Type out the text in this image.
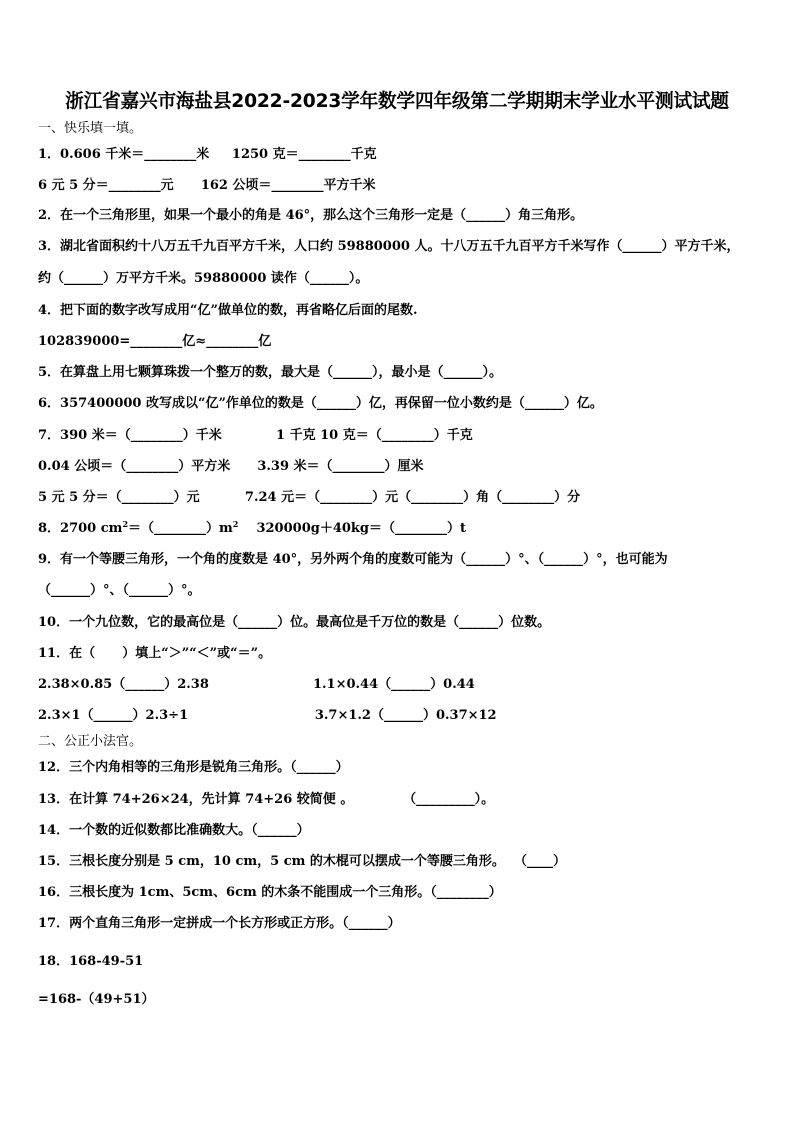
浙江省嘉兴市海盐县2022-2023学年数学四年级第二学期期末学业水平测试试题
一、快乐填一填。
1．0.606 千米＝________米     1250 克＝________千克
6 元 5 分＝________元      162 公顷＝________平方千米
2．在一个三角形里，如果一个最小的角是 46°，那么这个三角形一定是（______）角三角形。
3．湖北省面积约十八万五千九百平方千米，人口约 59880000 人。十八万五千九百平方千米写作（______）平方千米，
约（______）万平方千米。59880000 读作（______）。
4．把下面的数字改写成用“亿”做单位的数，再省略亿后面的尾数.
102839000=________亿≈________亿
5．在算盘上用七颗算珠拨一个整万的数，最大是（______），最小是（______）。
6．357400000 改写成以“亿”作单位的数是（______）亿，再保留一位小数约是（______）亿。
7．390 米＝（________）千米            1 千克 10 克＝（________）千克
0.04 公顷＝（________）平方米      3.39 米＝（________）厘米
5 元 5 分＝（________）元          7.24 元＝（________）元（________）角（________）分
8．2700 $cm^2=(\_\_\_\_\_\_\_\_)m^2$    320000g＋40kg＝（________）t
9．有一个等腰三角形，一个角的度数是 40°，另外两个角的度数可能为（______）°、（______）°，也可能为
（______）°、（______）°。
10．一个九位数，它的最高位是（______）位。最高位是千万位的数是（______）位数。
11．在（      ）填上“＞”“＜”或“＝”。
2.38×0.85（______）2.38                       1.1×0.44（______）0.44
2.3×1（______）2.3÷1                            3.7×1.2（______）0.37×12
二、公正小法官。
12．三个内角相等的三角形是锐角三角形。（______）
13．在计算 74+26×24，先计算 74+26 较简便 。           （_________）。
14．一个数的近似数都比准确数大。（______）
15．三根长度分别是 5 cm，10 cm，5 cm 的木棍可以摆成一个等腰三角形。  （____）
16．三根长度为 1cm、5cm、6cm 的木条不能围成一个三角形。（________）
17．两个直角三角形一定拼成一个长方形或正方形。（______）
18．168-49-51
=168-（49+51）
